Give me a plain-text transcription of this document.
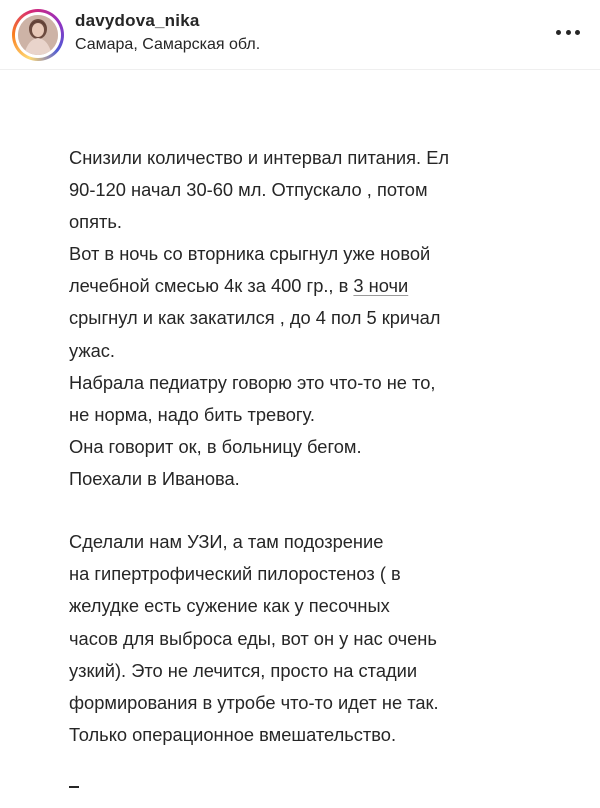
davydova_nika
Самара, Самарская обл.
Снизили количество и интервал питания. Ел
90-120 начал 30-60 мл. Отпускало , потом
опять.
Вот в ночь со вторника срыгнул уже новой
лечебной смесью 4к за 400 гр., в 3 ночи
срыгнул и как закатился , до 4 пол 5 кричал
ужас.
Набрала педиатру говорю это что-то не то,
не норма, надо бить тревогу.
Она говорит ок, в больницу бегом.
Поехали в Иванова.
Сделали нам УЗИ, а там подозрение
на гипертрофический пилоростеноз ( в
желудке есть сужение как у песочных
часов для выброса еды, вот он у нас очень
узкий). Это не лечится, просто на стадии
формирования в утробе что-то идет не так.
Только операционное вмешательство.
